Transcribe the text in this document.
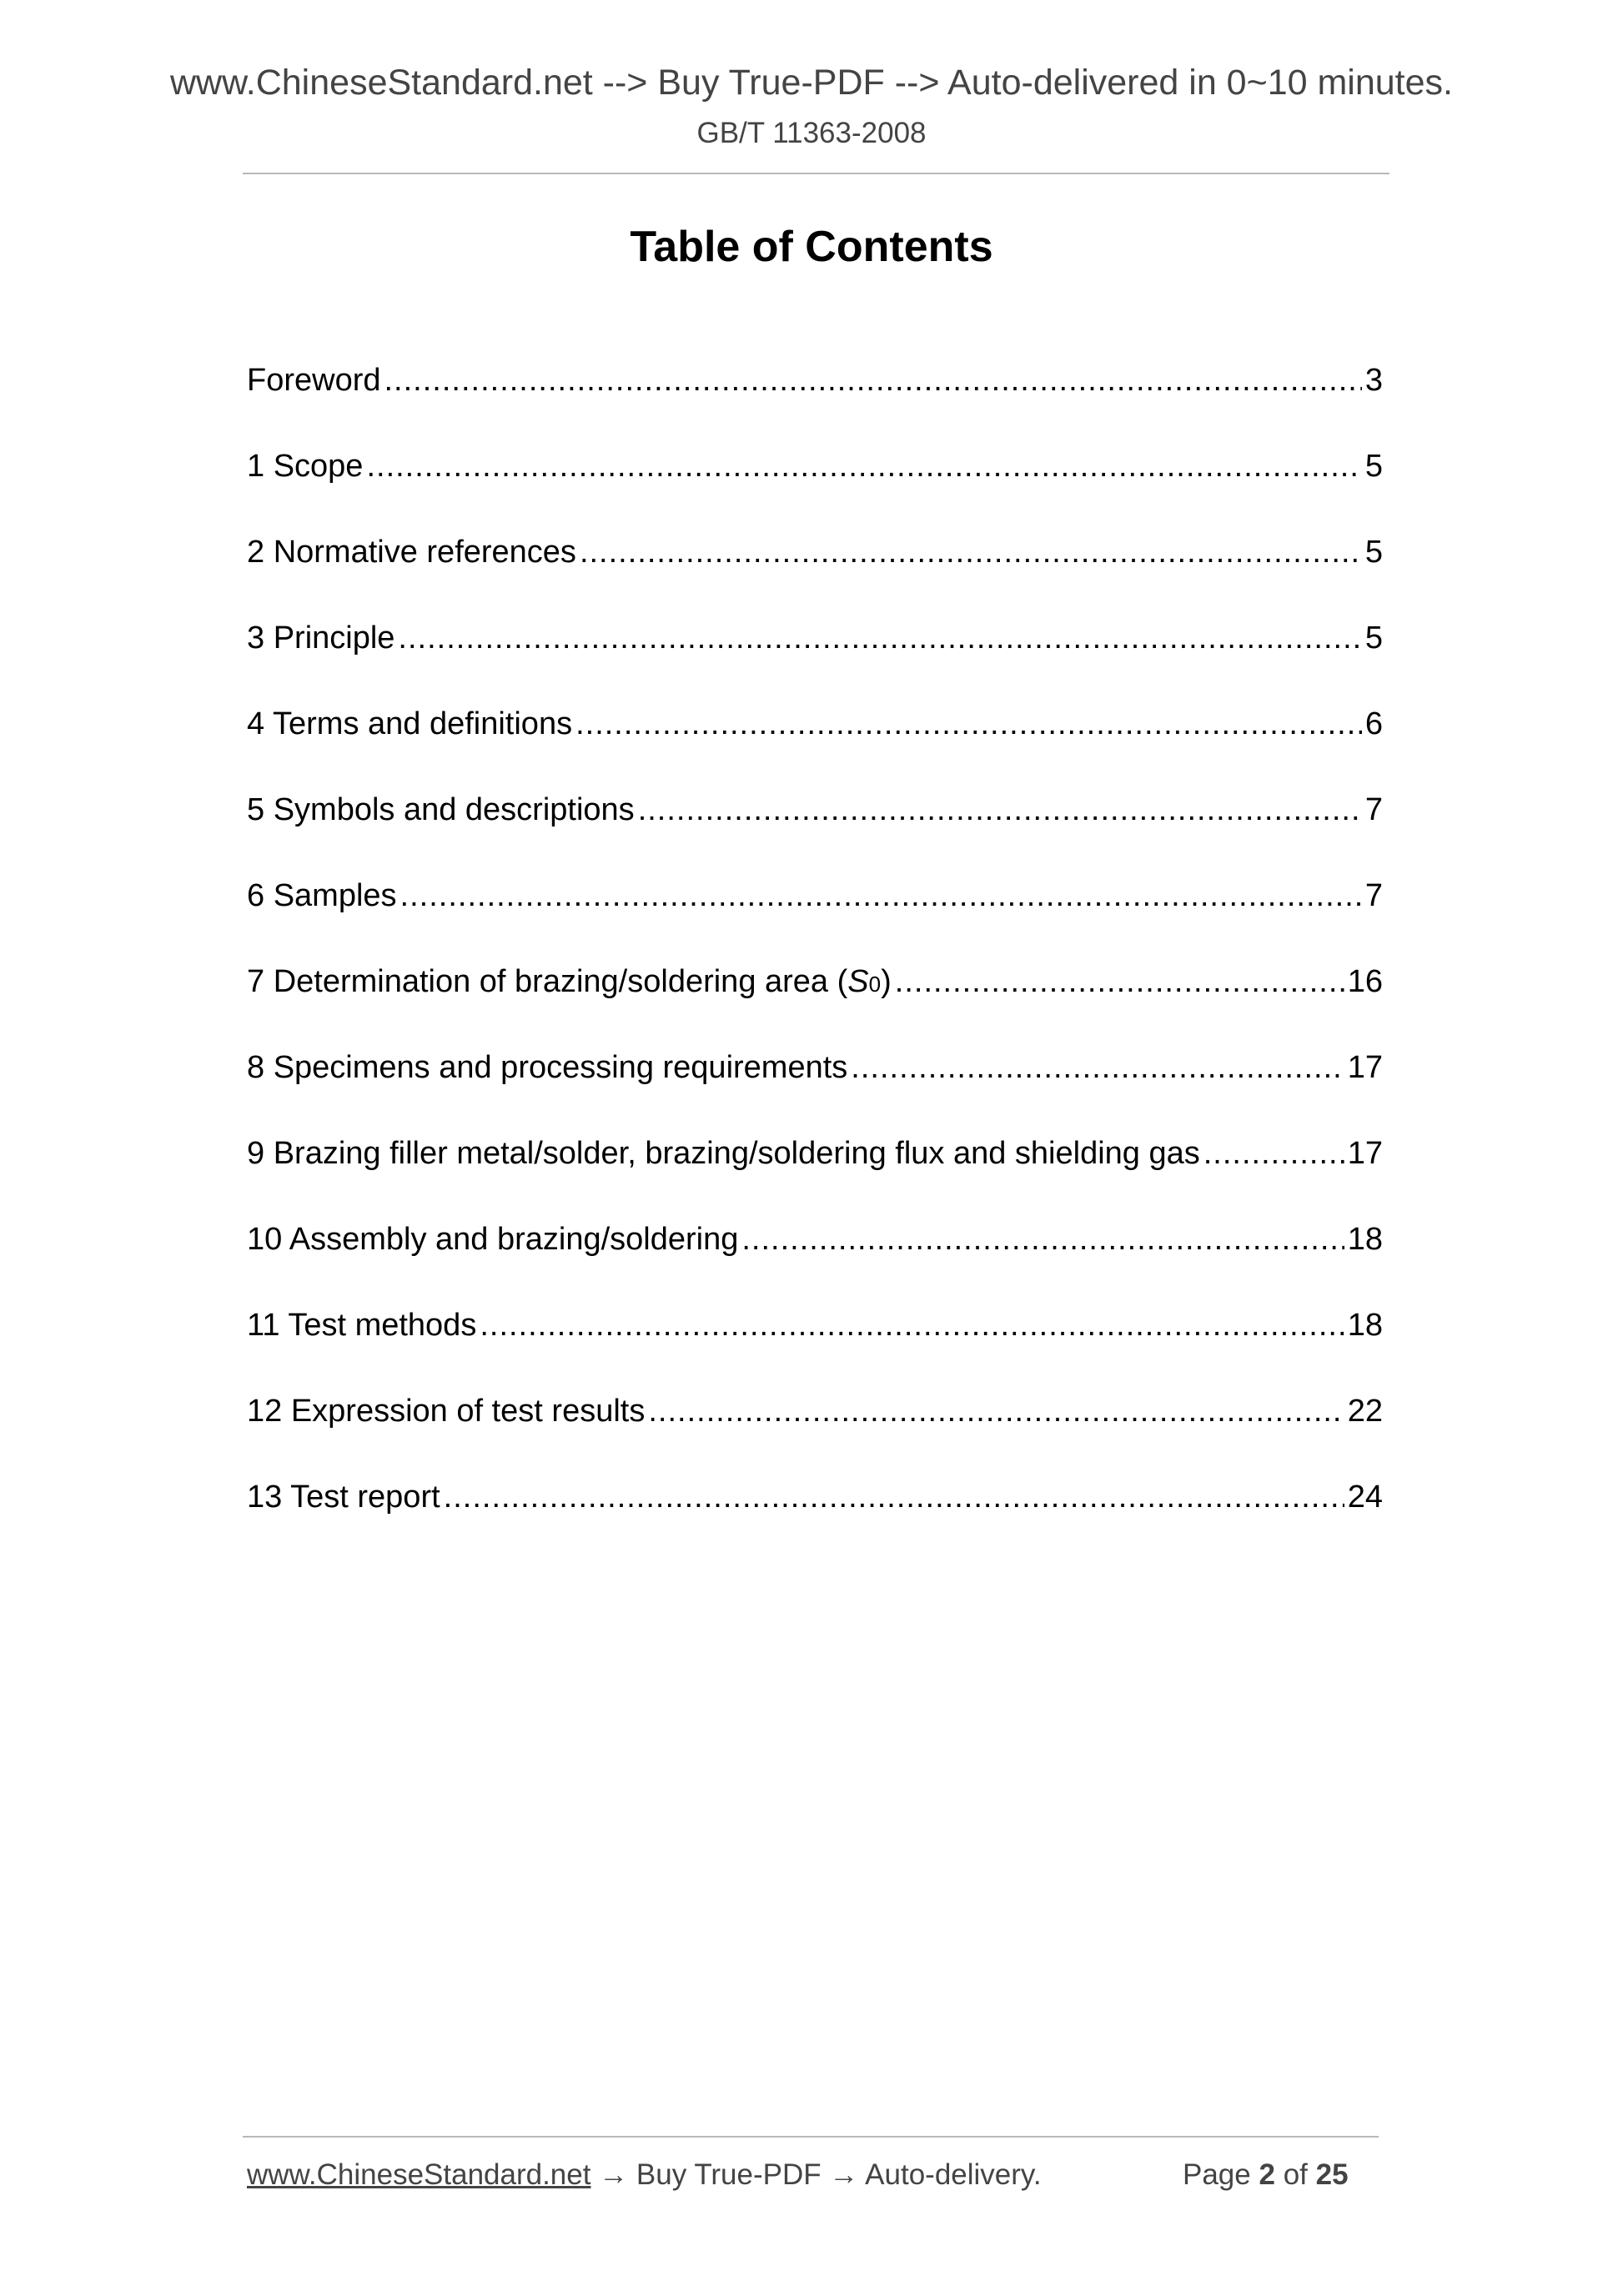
www.ChineseStandard.net --> Buy True-PDF --> Auto-delivered in 0~10 minutes.
GB/T 11363-2008
Table of Contents
Foreword .....	3
1 Scope .....	5
2 Normative references .....	5
3 Principle .....	5
4 Terms and definitions .....	6
5 Symbols and descriptions .....	7
6 Samples .....	7
7 Determination of brazing/soldering area (S0) .....	16
8 Specimens and processing requirements .....	17
9 Brazing filler metal/solder, brazing/soldering flux and shielding gas .....	17
10 Assembly and brazing/soldering .....	18
11 Test methods .....	18
12 Expression of test results .....	22
13 Test report .....	24
www.ChineseStandard.net → Buy True-PDF → Auto-delivery.	Page 2 of 25
